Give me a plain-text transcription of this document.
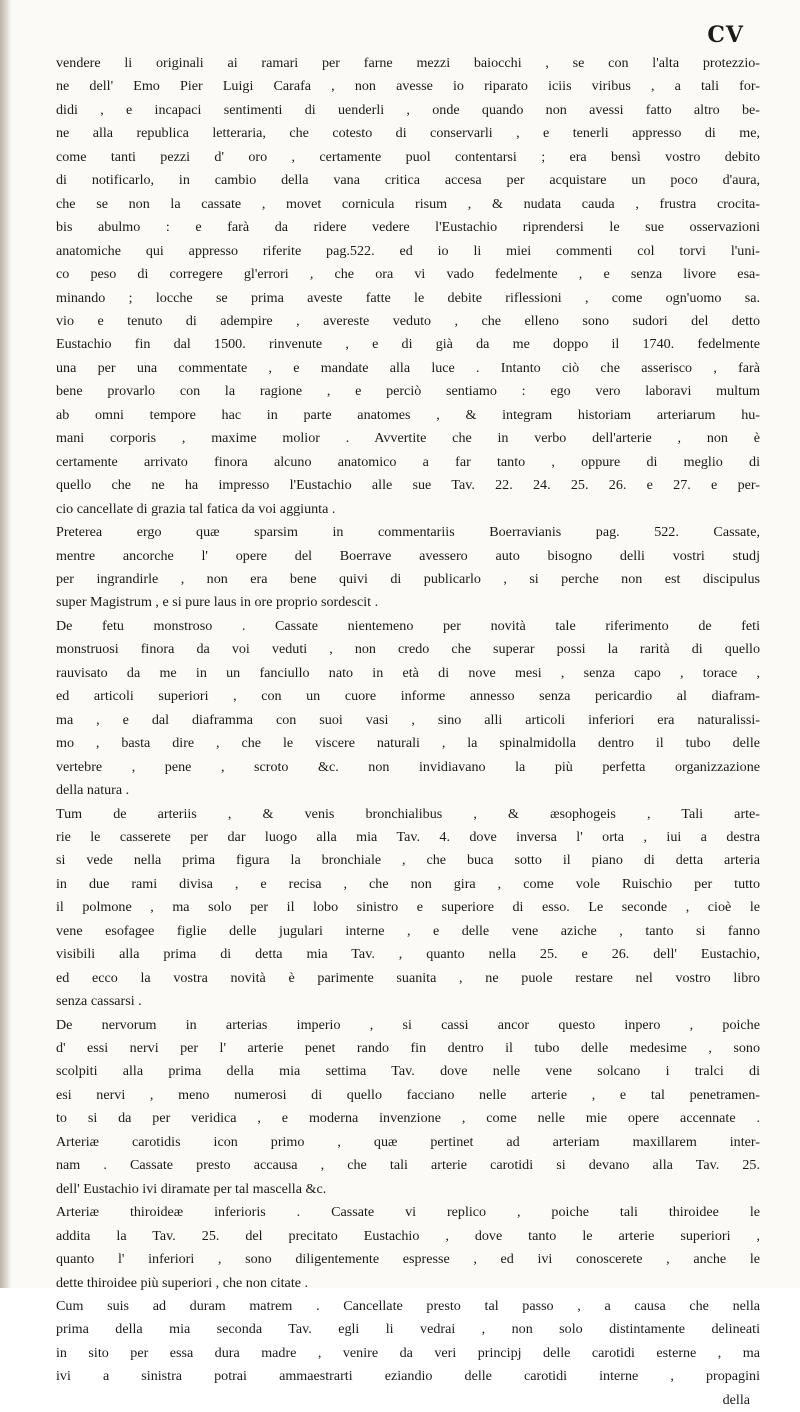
CV
vendere li originali ai ramari per farne mezzi baiocchi , se con l'alta protezzio-
ne dell' Emo Pier Luigi Carafa , non avesse io riparato iciis viribus , a tali for-
didi , e incapaci sentimenti di uenderli , onde quando non avessi fatto altro be-
ne alla republica letteraria, che cotesto di conservarli , e tenerli appresso di me,
come tanti pezzi d' oro , certamente puol contentarsi ; era bensì vostro debito
di notificarlo, in cambio della vana critica accesa per acquistare un poco d'aura,
che se non la cassate , movet cornicula risum , & nudata cauda , frustra crocita-
bis abulmo : e farà da ridere vedere l'Eustachio riprendersi le sue osservazioni
anatomiche qui appresso riferite pag.522. ed io li miei commenti col torvi l'uni-
co peso di corregere gl'errori , che ora vi vado fedelmente , e senza livore esa-
minando ; locche se prima aveste fatte le debite riflessioni , come ogn'uomo sa.
vio e tenuto di adempire , avereste veduto , che elleno sono sudori del detto
Eustachio fin dal 1500. rinvenute , e di già da me doppo il 1740. fedelmente
una per una commentate , e mandate alla luce . Intanto ciò che asserisco , farà
bene provarlo con la ragione , e perciò sentiamo : ego vero laboravi multum
ab omni tempore hac in parte anatomes , & integram historiam arteriarum hu-
mani corporis , maxime molior . Avvertite che in verbo dell'arterie , non è
certamente arrivato finora alcuno anatomico a far tanto , oppure di meglio di
quello che ne ha impresso l'Eustachio alle sue Tav. 22. 24. 25. 26. e 27. e per-
cio cancellate di grazia tal fatica da voi aggiunta .
Preterea ergo quæ sparsim in commentariis Boerravianis pag. 522. Cassate,
mentre ancorche l' opere del Boerrave avessero auto bisogno delli vostri studj
per ingrandirle , non era bene quivi di publicarlo , si perche non est discipulus
super Magistrum , e si pure laus in ore proprio sordescit .
De fetu monstroso . Cassate nientemeno per novità tale riferimento de feti
monstruosi finora da voi veduti , non credo che superar possi la rarità di quello
rauvisato da me in un fanciullo nato in età di nove mesi , senza capo , torace ,
ed articoli superiori , con un cuore informe annesso senza pericardio al diafram-
ma , e dal diaframma con suoi vasi , sino alli articoli inferiori era naturalissi-
mo , basta dire , che le viscere naturali , la spinalmidolla dentro il tubo delle
vertebre , pene , scroto &c. non invidiavano la più perfetta organizzazione
della natura .
Tum de arteriis , & venis bronchialibus , & æsophogeis , Tali arte-
rie le casserete per dar luogo alla mia Tav. 4. dove inversa l' orta , iui a destra
si vede nella prima figura la bronchiale , che buca sotto il piano di detta arteria
in due rami divisa , e recisa , che non gira , come vole Ruischio per tutto
il polmone , ma solo per il lobo sinistro e superiore di esso. Le seconde , cioè le
vene esofagee figlie delle jugulari interne , e delle vene aziche , tanto si fanno
visibili alla prima di detta mia Tav. , quanto nella 25. e 26. dell' Eustachio,
ed ecco la vostra novità è parimente suanita , ne puole restare nel vostro libro
senza cassarsi .
De nervorum in arterias imperio , si cassi ancor questo inpero , poiche
d' essi nervi per l' arterie penet rando fin dentro il tubo delle medesime , sono
scolpiti alla prima della mia settima Tav. dove nelle vene solcano i tralci di
esi nervi , meno numerosi di quello facciano nelle arterie , e tal penetramen-
to si da per veridica , e moderna invenzione , come nelle mie opere accennate .
Arteriæ carotidis icon primo , quæ pertinet ad arteriam maxillarem inter-
nam . Cassate presto accausa , che tali arterie carotidi si devano alla Tav. 25.
dell' Eustachio ivi diramate per tal mascella &c.
Arteriæ thiroideæ inferioris . Cassate vi replico , poiche tali thiroidee le
addita la Tav. 25. del precitato Eustachio , dove tanto le arterie superiori ,
quanto l' inferiori , sono diligentemente espresse , ed ivi conoscerete , anche le
dette thiroidee più superiori , che non citate .
Cum suis ad duram matrem . Cancellate presto tal passo , a causa che nella
prima della mia seconda Tav. egli li vedrai , non solo distintamente delineati
in sito per essa dura madre , venire da veri principj delle carotidi esterne , ma
ivi a sinistra potrai ammaestrarti eziandio delle carotidi interne , propagini
della
